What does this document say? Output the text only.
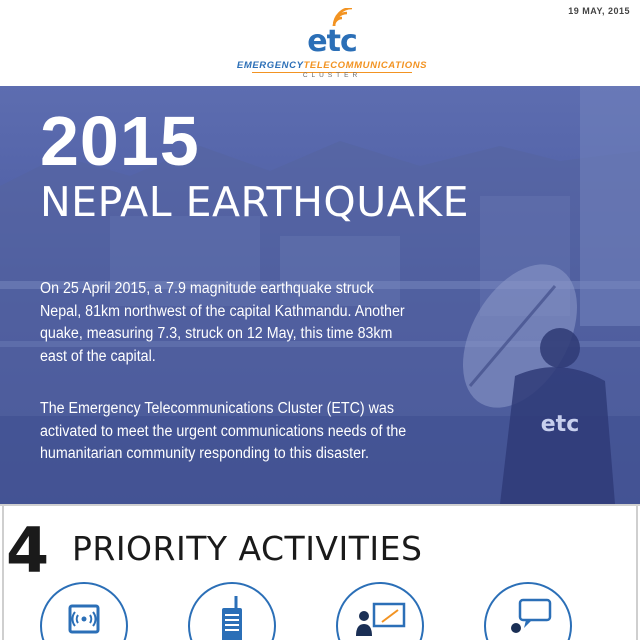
19 MAY, 2015
etc
EMERGENCYTELECOMMUNICATIONS
CLUSTER
etc
2015
NEPAL EARTHQUAKE

On 25 April 2015, a 7.9 magnitude earthquake struck Nepal, 81km northwest of the capital Kathmandu. Another quake, measuring 7.3, struck on 12 May, this time 83km east of the capital.

The Emergency Telecommunications Cluster (ETC) was activated to meet the urgent communications needs of the humanitarian community responding to this disaster.

4 PRIORITY ACTIVITIES
